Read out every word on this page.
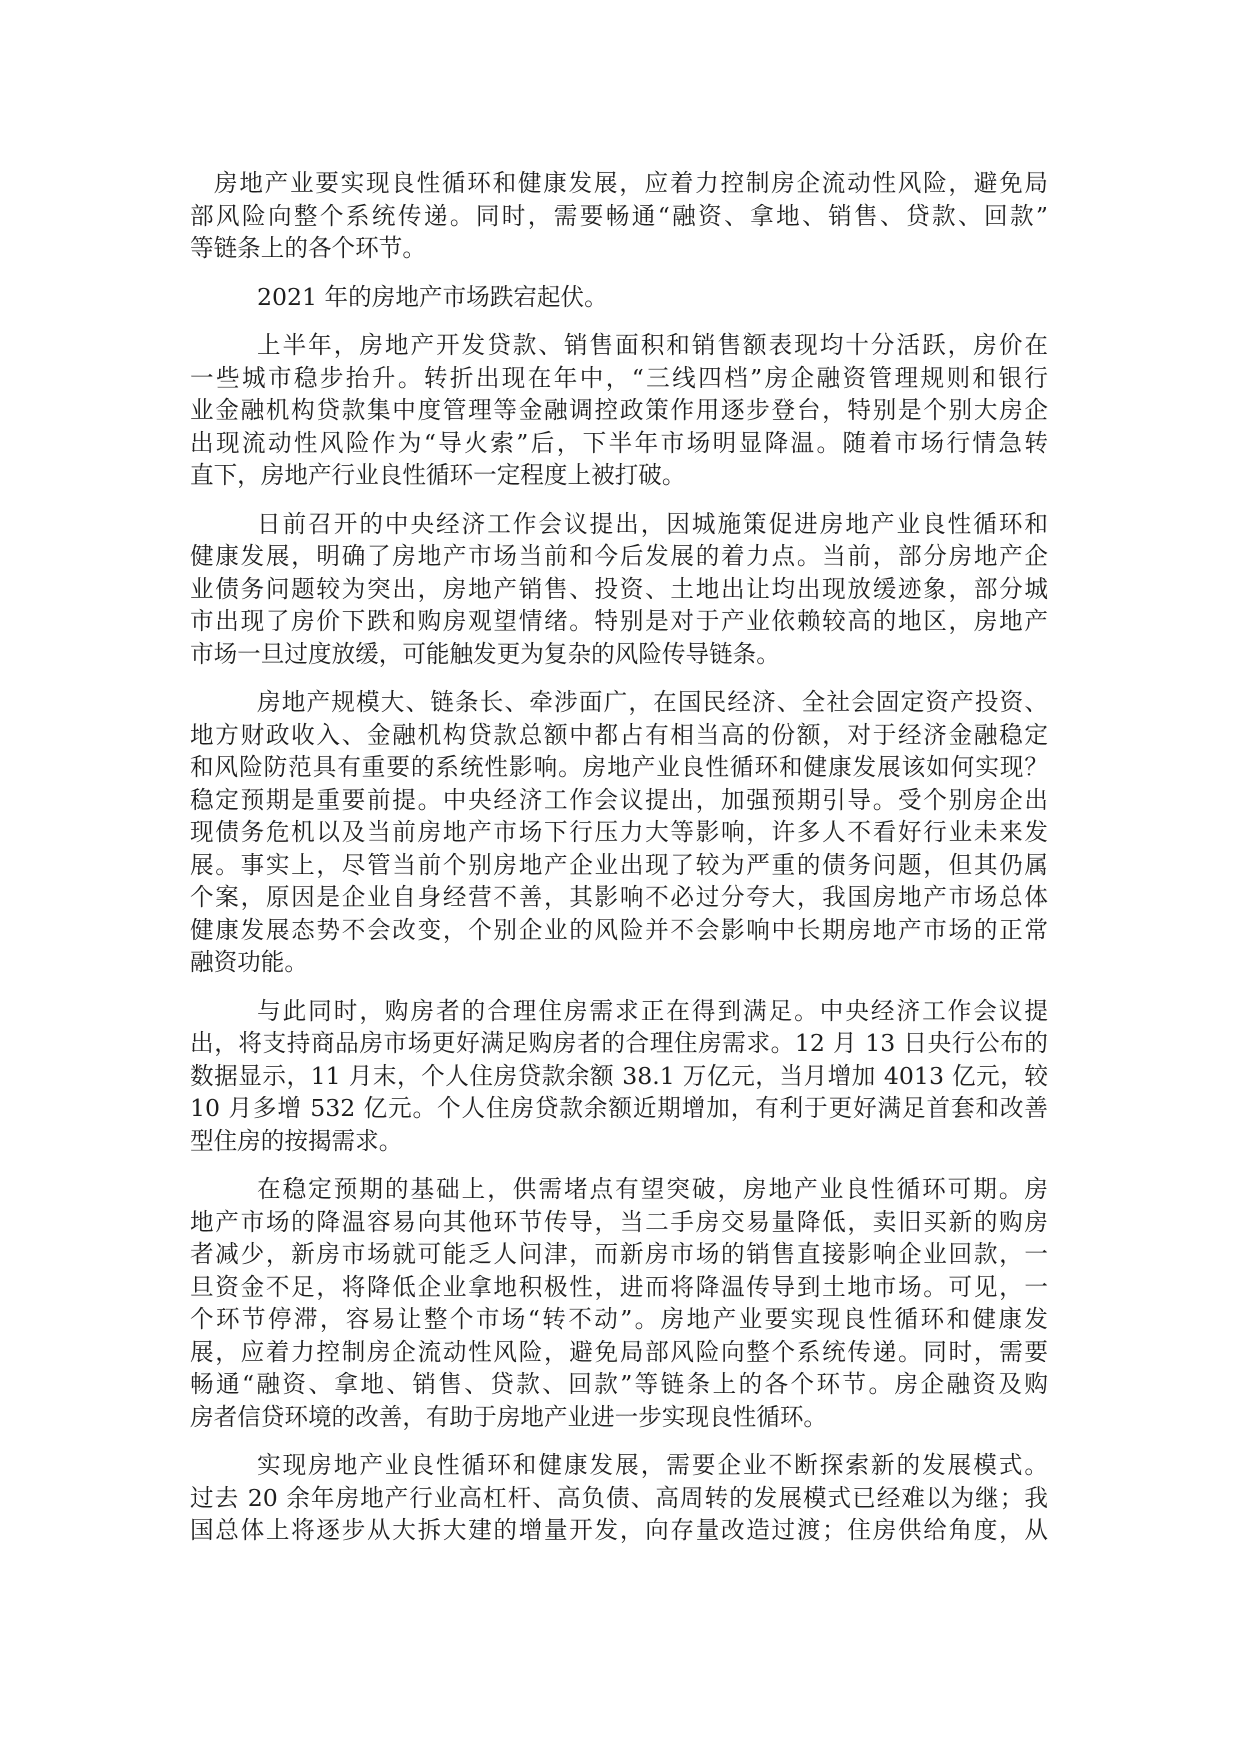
房地产业要实现良性循环和健康发展，应着力控制房企流动性风险，避免局
部风险向整个系统传递。同时，需要畅通“融资、拿地、销售、贷款、回款”
等链条上的各个环节。
2021 年的房地产市场跌宕起伏。
上半年，房地产开发贷款、销售面积和销售额表现均十分活跃，房价在
一些城市稳步抬升。转折出现在年中，“三线四档”房企融资管理规则和银行
业金融机构贷款集中度管理等金融调控政策作用逐步登台，特别是个别大房企
出现流动性风险作为“导火索”后，下半年市场明显降温。随着市场行情急转
直下，房地产行业良性循环一定程度上被打破。
日前召开的中央经济工作会议提出，因城施策促进房地产业良性循环和
健康发展，明确了房地产市场当前和今后发展的着力点。当前，部分房地产企
业债务问题较为突出，房地产销售、投资、土地出让均出现放缓迹象，部分城
市出现了房价下跌和购房观望情绪。特别是对于产业依赖较高的地区，房地产
市场一旦过度放缓，可能触发更为复杂的风险传导链条。
房地产规模大、链条长、牵涉面广，在国民经济、全社会固定资产投资、
地方财政收入、金融机构贷款总额中都占有相当高的份额，对于经济金融稳定
和风险防范具有重要的系统性影响。房地产业良性循环和健康发展该如何实现？
稳定预期是重要前提。中央经济工作会议提出，加强预期引导。受个别房企出
现债务危机以及当前房地产市场下行压力大等影响，许多人不看好行业未来发
展。事实上，尽管当前个别房地产企业出现了较为严重的债务问题，但其仍属
个案，原因是企业自身经营不善，其影响不必过分夸大，我国房地产市场总体
健康发展态势不会改变，个别企业的风险并不会影响中长期房地产市场的正常
融资功能。
与此同时，购房者的合理住房需求正在得到满足。中央经济工作会议提
出，将支持商品房市场更好满足购房者的合理住房需求。12 月 13 日央行公布的
数据显示，11 月末，个人住房贷款余额 38.1 万亿元，当月增加 4013 亿元，较
10 月多增 532 亿元。个人住房贷款余额近期增加，有利于更好满足首套和改善
型住房的按揭需求。
在稳定预期的基础上，供需堵点有望突破，房地产业良性循环可期。房
地产市场的降温容易向其他环节传导，当二手房交易量降低，卖旧买新的购房
者减少，新房市场就可能乏人问津，而新房市场的销售直接影响企业回款，一
旦资金不足，将降低企业拿地积极性，进而将降温传导到土地市场。可见，一
个环节停滞，容易让整个市场“转不动”。房地产业要实现良性循环和健康发
展，应着力控制房企流动性风险，避免局部风险向整个系统传递。同时，需要
畅通“融资、拿地、销售、贷款、回款”等链条上的各个环节。房企融资及购
房者信贷环境的改善，有助于房地产业进一步实现良性循环。
实现房地产业良性循环和健康发展，需要企业不断探索新的发展模式。
过去 20 余年房地产行业高杠杆、高负债、高周转的发展模式已经难以为继；我
国总体上将逐步从大拆大建的增量开发，向存量改造过渡；住房供给角度，从
